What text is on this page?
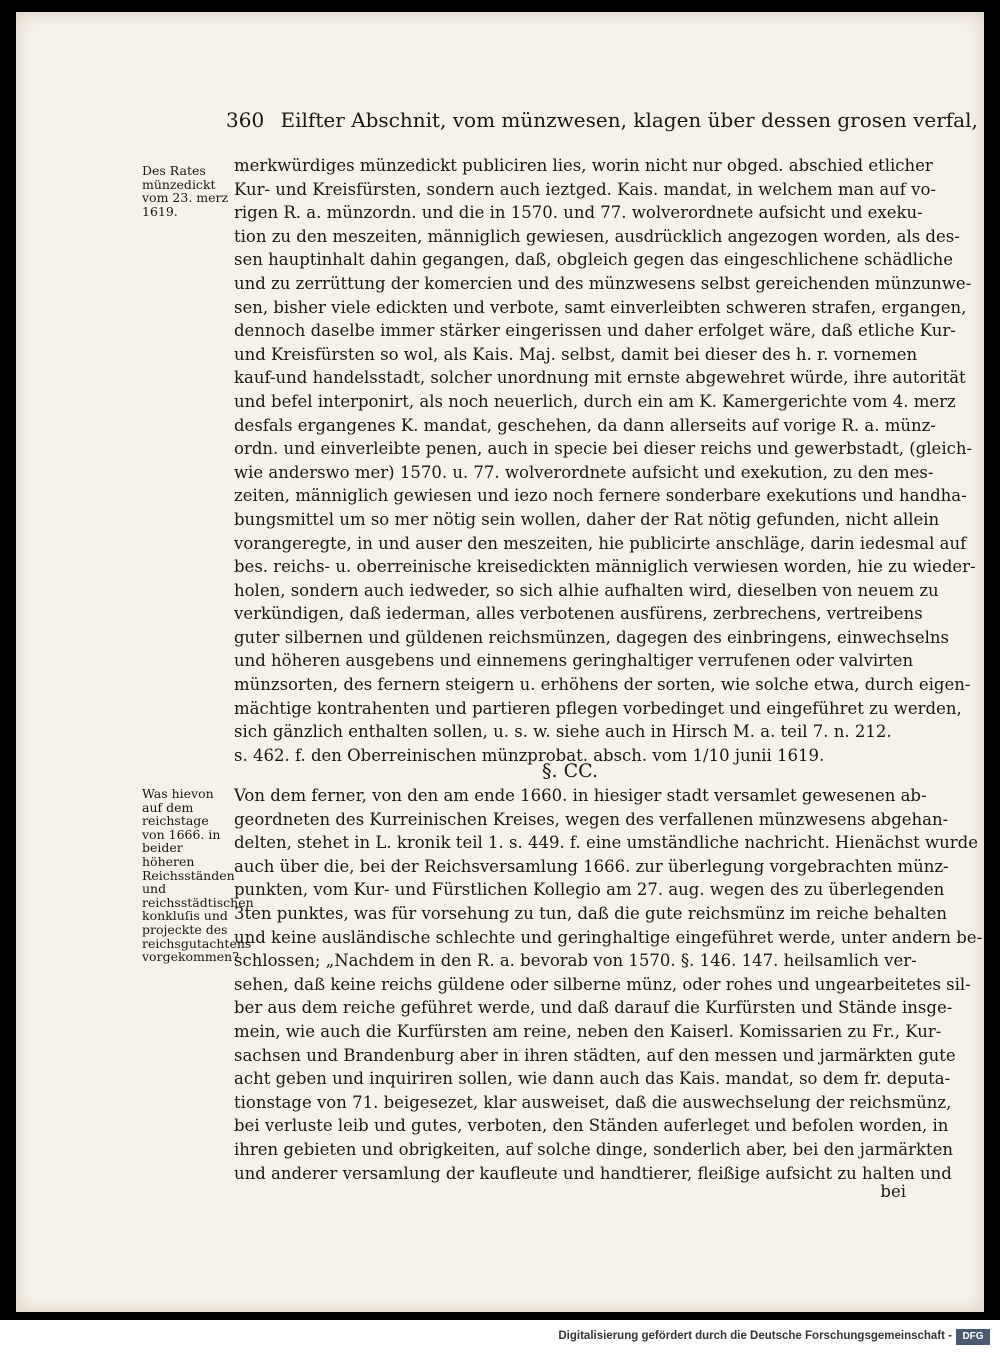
360 Eilfter Abschnit, vom münzwesen, klagen über dessen grosen verfal,
Des Rates münzedickt vom 23. merz 1619.
Was hievon auf dem reichstage von 1666. in beider höheren Reichsständen und reichsstädtischen konkluſis und projeckte des reichsgutachtens vorgekommen?
merkwürdiges münzedickt publiciren lies, worin nicht nur obged. abschied etlicher
Kur- und Kreisfürsten, sondern auch ieztged. Kais. mandat, in welchem man auf vo-
rigen R. a. münzordn. und die in 1570. und 77. wolverordnete aufsicht und exeku-
tion zu den meszeiten, männiglich gewiesen, ausdrücklich angezogen worden, als des-
sen hauptinhalt dahin gegangen, daß, obgleich gegen das eingeschlichene schädliche
und zu zerrüttung der komercien und des münzwesens selbst gereichenden münzunwe-
sen, bisher viele edickten und verbote, samt einverleibten schweren strafen, ergangen,
dennoch daselbe immer stärker eingerissen und daher erfolget wäre, daß etliche Kur-
und Kreisfürsten so wol, als Kais. Maj. selbst, damit bei dieser des h. r. vornemen
kauf-und handelsstadt, solcher unordnung mit ernste abgewehret würde, ihre autorität
und befel interponirt, als noch neuerlich, durch ein am K. Kamergerichte vom 4. merz
desfals ergangenes K. mandat, geschehen, da dann allerseits auf vorige R. a. münz-
ordn. und einverleibte penen, auch in specie bei dieser reichs und gewerbstadt, (gleich-
wie anderswo mer) 1570. u. 77. wolverordnete aufsicht und exekution, zu den mes-
zeiten, männiglich gewiesen und iezo noch fernere sonderbare exekutions und handha-
bungsmittel um so mer nötig sein wollen, daher der Rat nötig gefunden, nicht allein
vorangeregte, in und auser den meszeiten, hie publicirte anschläge, darin iedesmal auf
bes. reichs- u. oberreinische kreisedickten männiglich verwiesen worden, hie zu wieder-
holen, sondern auch iedweder, so sich alhie aufhalten wird, dieselben von neuem zu
verkündigen, daß iederman, alles verbotenen ausfürens, zerbrechens, vertreibens
guter silbernen und güldenen reichsmünzen, dagegen des einbringens, einwechselns
und höheren ausgebens und einnemens geringhaltiger verrufenen oder valvirten
münzsorten, des fernern steigern u. erhöhens der sorten, wie solche etwa, durch eigen-
mächtige kontrahenten und partieren pflegen vorbedinget und eingeführet zu werden,
sich gänzlich enthalten sollen, u. s. w. siehe auch in Hirsch M. a. teil 7. n. 212.
s. 462. f. den Oberreinischen münzprobat. absch. vom 1/10 junii 1619.
§. CC.
Von dem ferner, von den am ende 1660. in hiesiger stadt versamlet gewesenen ab-
geordneten des Kurreinischen Kreises, wegen des verfallenen münzwesens abgehan-
delten, stehet in L. kronik teil 1. s. 449. f. eine umständliche nachricht. Hienächst wurde
auch über die, bei der Reichsversamlung 1666. zur überlegung vorgebrachten münz-
punkten, vom Kur- und Fürstlichen Kollegio am 27. aug. wegen des zu überlegenden
3ten punktes, was für vorsehung zu tun, daß die gute reichsmünz im reiche behalten
und keine ausländische schlechte und geringhaltige eingeführet werde, unter andern be-
schlossen; „Nachdem in den R. a. bevorab von 1570. §. 146. 147. heilsamlich ver-
sehen, daß keine reichs güldene oder silberne münz, oder rohes und ungearbeitetes sil-
ber aus dem reiche geführet werde, und daß darauf die Kurfürsten und Stände insge-
mein, wie auch die Kurfürsten am reine, neben den Kaiserl. Komissarien zu Fr., Kur-
sachsen und Brandenburg aber in ihren städten, auf den messen und jarmärkten gute
acht geben und inquiriren sollen, wie dann auch das Kais. mandat, so dem fr. deputa-
tionstage von 71. beigesezet, klar ausweiset, daß die auswechselung der reichsmünz,
bei verluste leib und gutes, verboten, den Ständen auferleget und befolen worden, in
ihren gebieten und obrigkeiten, auf solche dinge, sonderlich aber, bei den jarmärkten
und anderer versamlung der kaufleute und handtierer, fleißige aufsicht zu halten und
bei
Digitalisierung gefördert durch die Deutsche Forschungsgemeinschaft -	DFG
